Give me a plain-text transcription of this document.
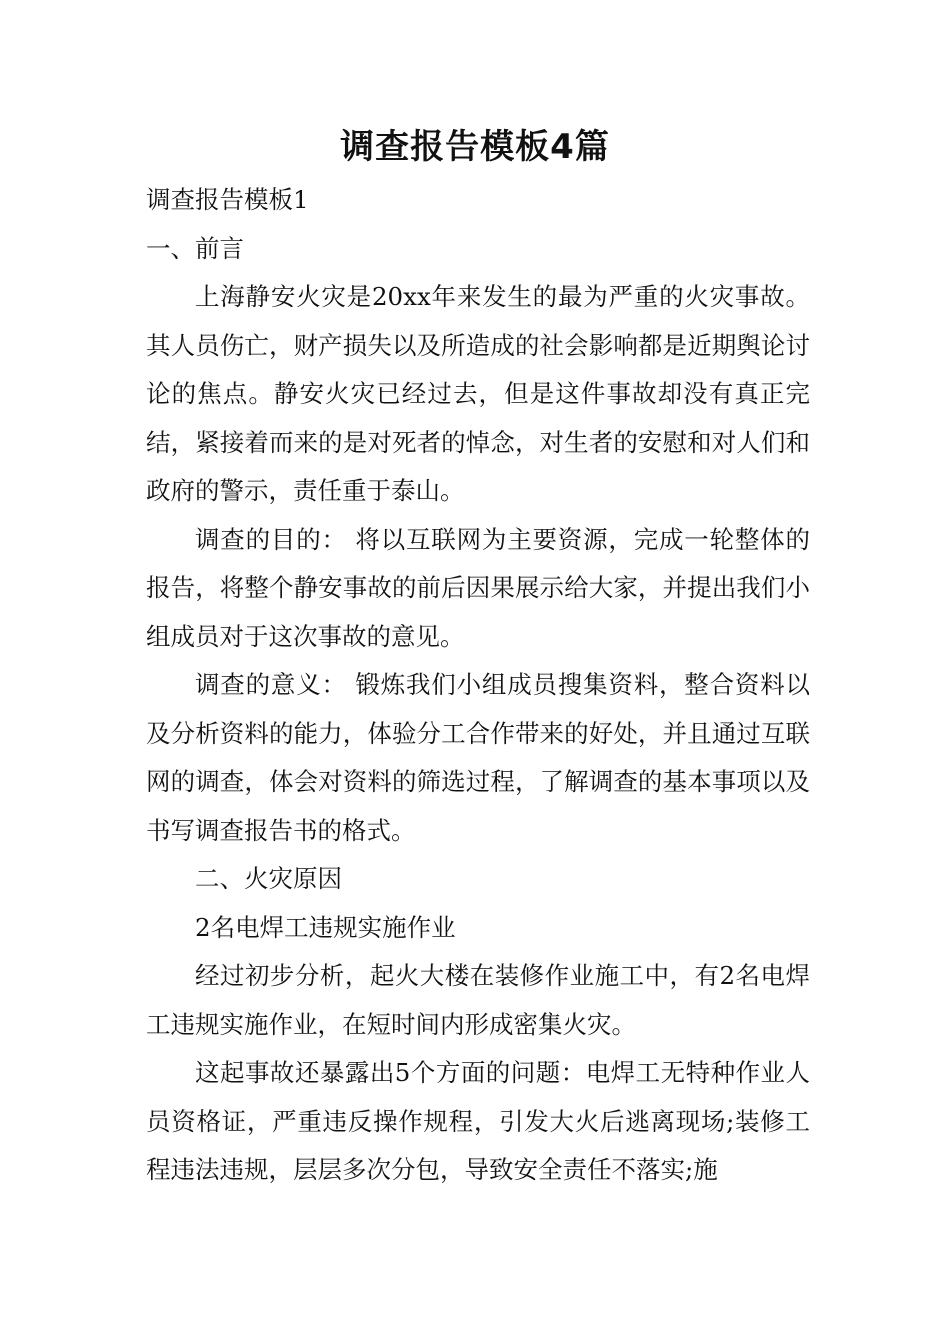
调查报告模板4篇

调查报告模板1

一、前言

上海静安火灾是20xx年来发生的最为严重的火灾事故。其人员伤亡，财产损失以及所造成的社会影响都是近期舆论讨论的焦点。静安火灾已经过去，但是这件事故却没有真正完结，紧接着而来的是对死者的悼念，对生者的安慰和对人们和政府的警示，责任重于泰山。

调查的目的： 将以互联网为主要资源，完成一轮整体的报告，将整个静安事故的前后因果展示给大家，并提出我们小组成员对于这次事故的意见。

调查的意义： 锻炼我们小组成员搜集资料，整合资料以及分析资料的能力，体验分工合作带来的好处，并且通过互联网的调查，体会对资料的筛选过程，了解调查的基本事项以及书写调查报告书的格式。

二、火灾原因

2名电焊工违规实施作业

经过初步分析，起火大楼在装修作业施工中，有2名电焊工违规实施作业，在短时间内形成密集火灾。

这起事故还暴露出5个方面的问题：电焊工无特种作业人员资格证，严重违反操作规程，引发大火后逃离现场;装修工程违法违规，层层多次分包，导致安全责任不落实;施
